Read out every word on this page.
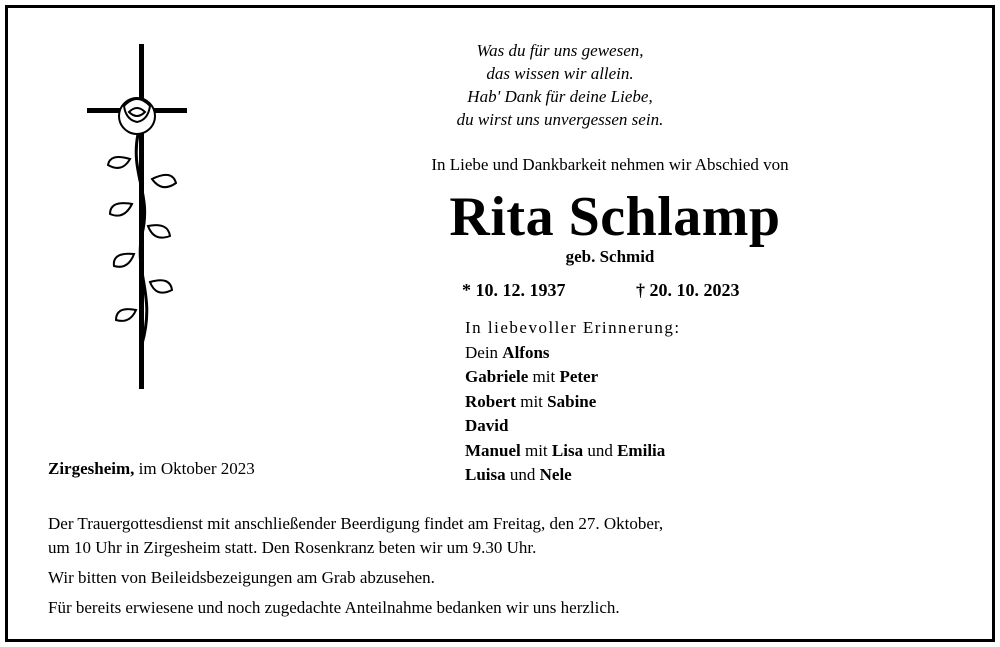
Was du für uns gewesen,
das wissen wir allein.
Hab' Dank für deine Liebe,
du wirst uns unvergessen sein.
In Liebe und Dankbarkeit nehmen wir Abschied von
Rita Schlamp
geb. Schmid
* 10. 12. 1937	† 20. 10. 2023
In liebevoller Erinnerung:
Dein Alfons
Gabriele mit Peter
Robert mit Sabine
David
Manuel mit Lisa und Emilia
Luisa und Nele
Zirgesheim, im Oktober 2023

Der Trauergottesdienst mit anschließender Beerdigung findet am Freitag, den 27. Oktober,
um 10 Uhr in Zirgesheim statt. Den Rosenkranz beten wir um 9.30 Uhr.

Wir bitten von Beileidsbezeigungen am Grab abzusehen.

Für bereits erwiesene und noch zugedachte Anteilnahme bedanken wir uns herzlich.
